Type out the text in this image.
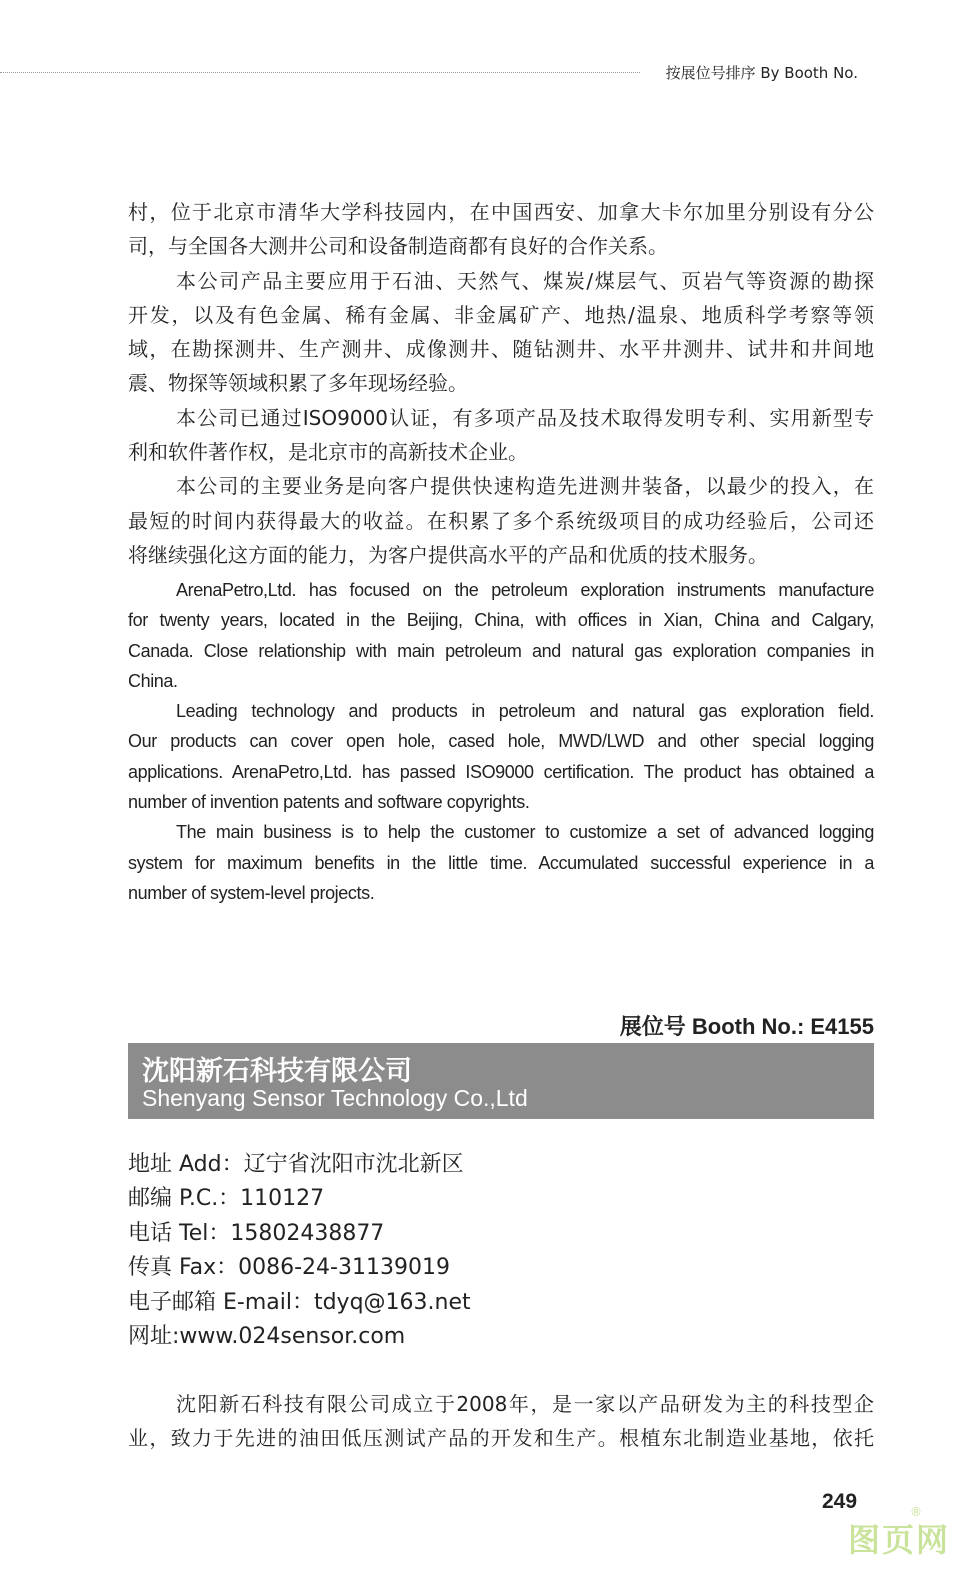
按展位号排序 By Booth No.
村，位于北京市清华大学科技园内，在中国西安、加拿大卡尔加里分别设有分公
司，与全国各大测井公司和设备制造商都有良好的合作关系。
本公司产品主要应用于石油、天然气、煤炭/煤层气、页岩气等资源的勘探
开发，以及有色金属、稀有金属、非金属矿产、地热/温泉、地质科学考察等领
域，在勘探测井、生产测井、成像测井、随钻测井、水平井测井、试井和井间地
震、物探等领域积累了多年现场经验。
本公司已通过ISO9000认证，有多项产品及技术取得发明专利、实用新型专
利和软件著作权，是北京市的高新技术企业。
本公司的主要业务是向客户提供快速构造先进测井装备，以最少的投入，在
最短的时间内获得最大的收益。在积累了多个系统级项目的成功经验后，公司还
将继续强化这方面的能力，为客户提供高水平的产品和优质的技术服务。
ArenaPetro,Ltd. has focused on the petroleum exploration instruments manufacture
for twenty years, located in the Beijing, China, with offices in Xian, China and Calgary,
Canada. Close relationship with main petroleum and natural gas exploration companies in
China.
Leading technology and products in petroleum and natural gas exploration field.
Our products can cover open hole, cased hole, MWD/LWD and other special logging
applications. ArenaPetro,Ltd. has passed ISO9000 certification. The product has obtained a
number of invention patents and software copyrights.
The main business is to help the customer to customize a set of advanced logging
system for maximum benefits in the little time. Accumulated successful experience in a
number of system-level projects.
展位号 Booth No.: E4155
沈阳新石科技有限公司
Shenyang Sensor Technology Co.,Ltd
地址 Add：辽宁省沈阳市沈北新区
邮编 P.C.：110127
电话 Tel：15802438877
传真 Fax：0086-24-31139019
电子邮箱 E-mail：tdyq@163.net
网址:www.024sensor.com
沈阳新石科技有限公司成立于2008年，是一家以产品研发为主的科技型企
业，致力于先进的油田低压测试产品的开发和生产。根植东北制造业基地，依托
249
图页网
®
